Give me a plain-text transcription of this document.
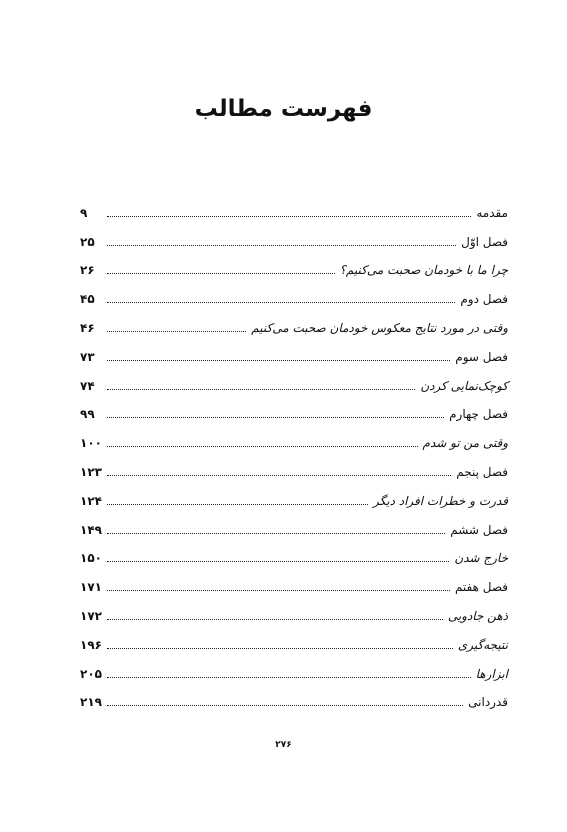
فهرست مطالب
مقدمه
۹
فصل اوّل
۲۵
چرا ما با خودمان صحبت می‌کنیم؟
۲۶
فصل دوم
۴۵
وقتی در مورد نتایج معکوس خودمان صحبت می‌کنیم
۴۶
فصل سوم
۷۳
کوچک‌نمایی کردن
۷۴
فصل چهارم
۹۹
وقتی من تو شدم
۱۰۰
فصل پنجم
۱۲۳
قدرت و خطرات افراد دیگر
۱۲۴
فصل ششم
۱۴۹
خارج شدن
۱۵۰
فصل هفتم
۱۷۱
ذهن جادویی
۱۷۲
نتیجه‌گیری
۱۹۶
ابزارها
۲۰۵
قدردانی
۲۱۹
۲۷۶
